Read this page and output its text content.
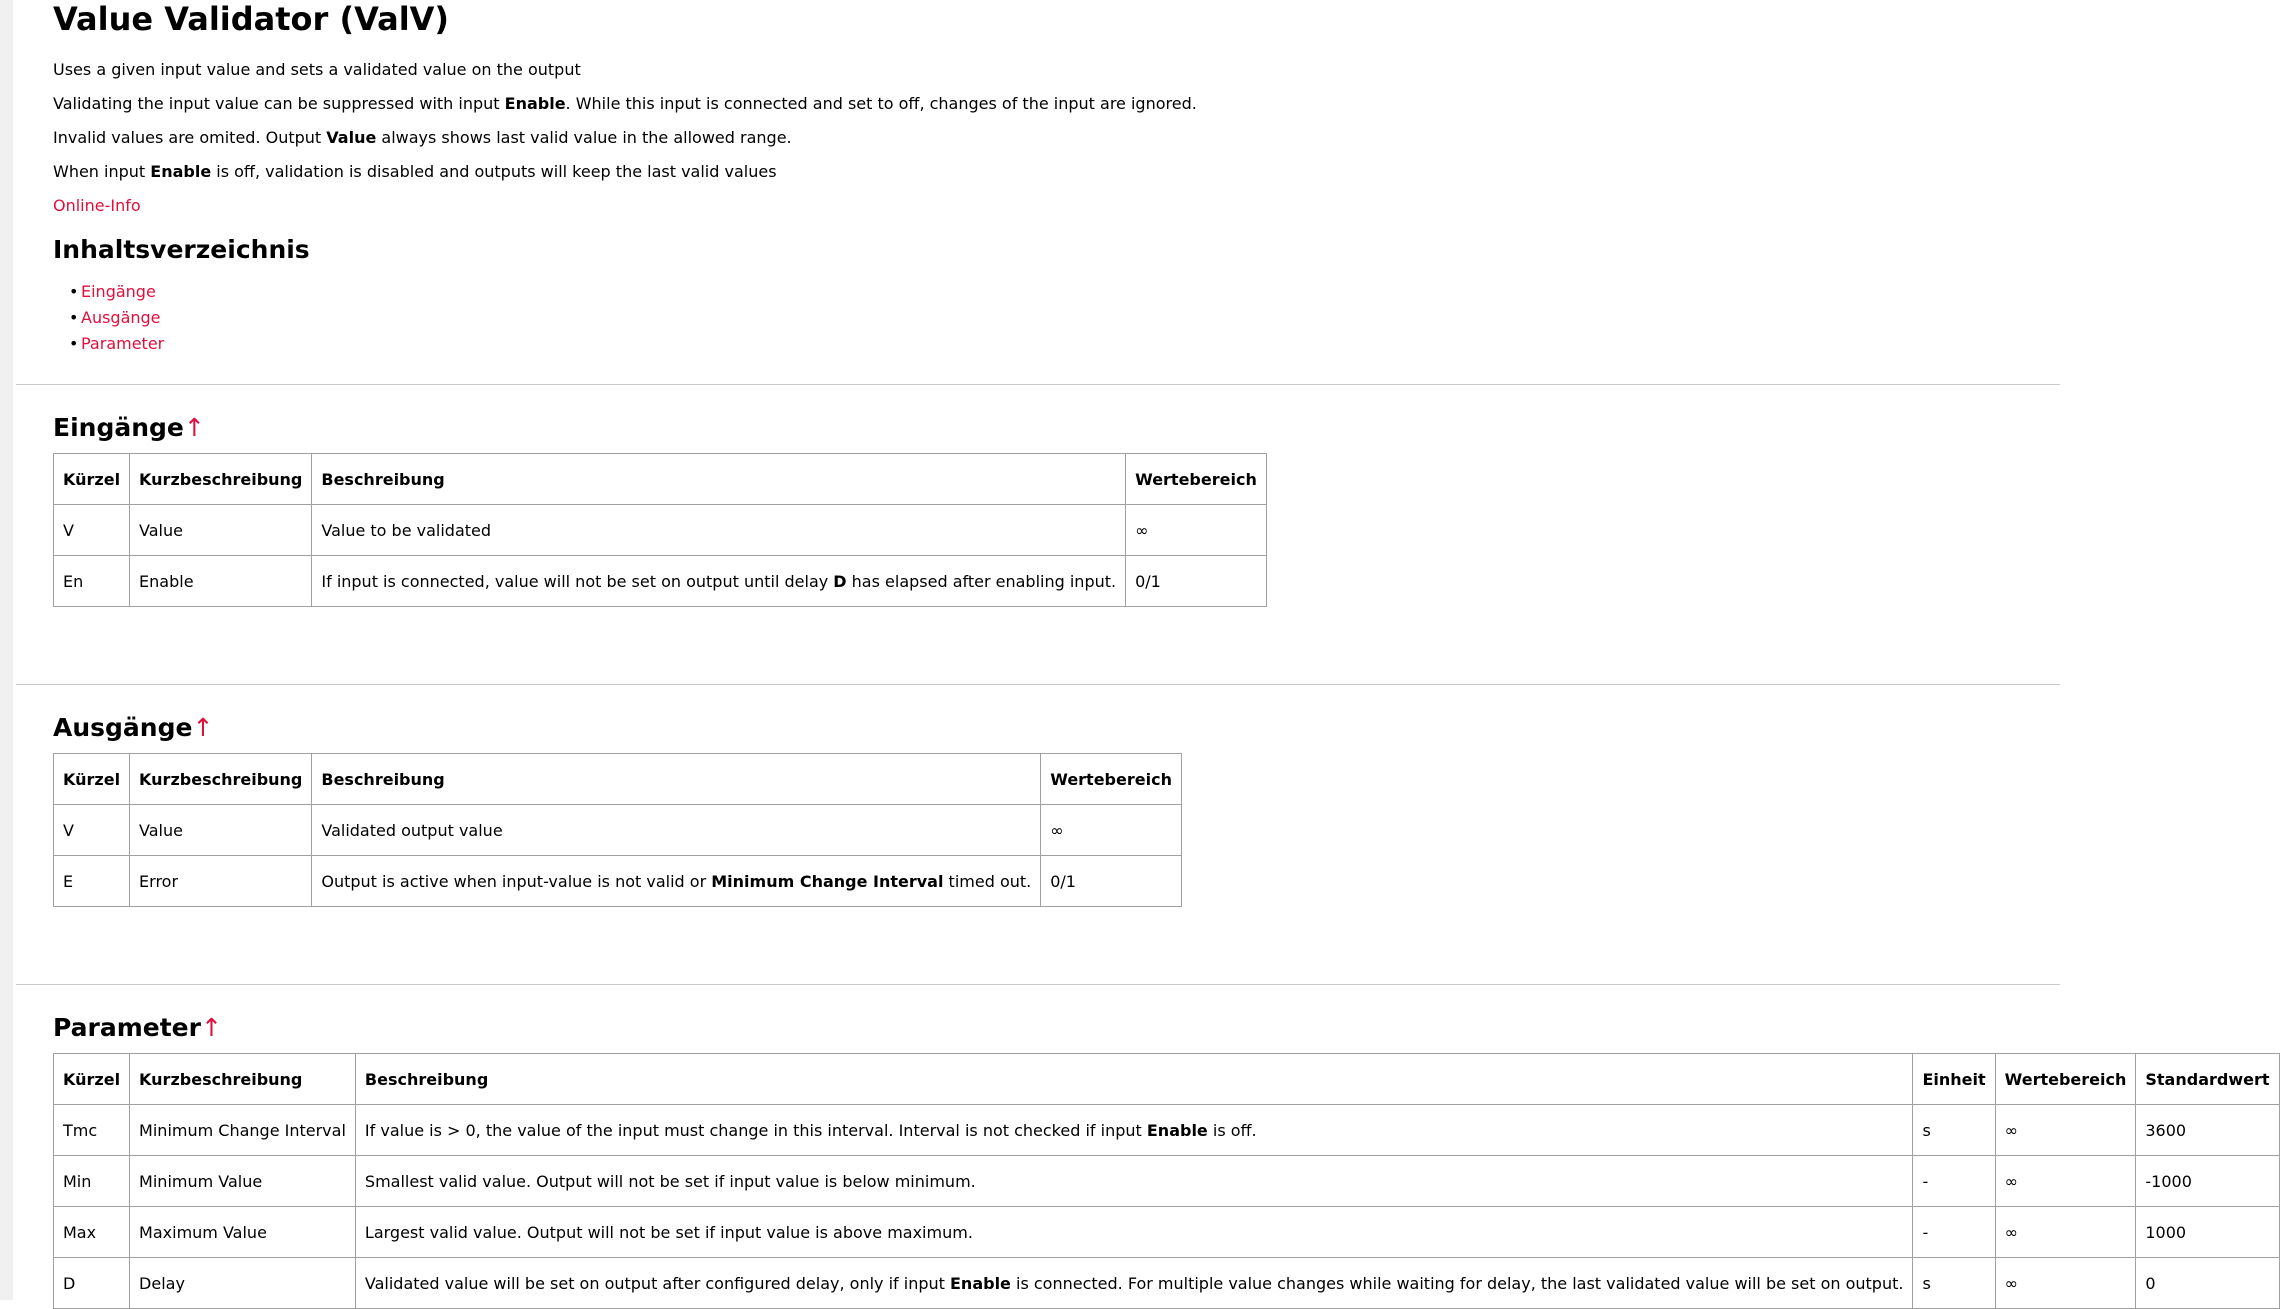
Value Validator (ValV)

Uses a given input value and sets a validated value on the output

Validating the input value can be suppressed with input Enable. While this input is connected and set to off, changes of the input are ignored.

Invalid values are omited. Output Value always shows last valid value in the allowed range.

When input Enable is off, validation is disabled and outputs will keep the last valid values

Online-Info
Inhaltsverzeichnis
• Eingänge
• Ausgänge
• Parameter
Eingänge↑
Kürzel	Kurzbeschreibung	Beschreibung	Wertebereich
V	Value	Value to be validated	∞
En	Enable	If input is connected, value will not be set on output until delay D has elapsed after enabling input.	0/1
Ausgänge↑
Kürzel	Kurzbeschreibung	Beschreibung	Wertebereich
V	Value	Validated output value	∞
E	Error	Output is active when input-value is not valid or Minimum Change Interval timed out.	0/1
Parameter↑
Kürzel	Kurzbeschreibung	Beschreibung	Einheit	Wertebereich	Standardwert
Tmc	Minimum Change Interval	If value is > 0, the value of the input must change in this interval. Interval is not checked if input Enable is off.	s	∞	3600
Min	Minimum Value	Smallest valid value. Output will not be set if input value is below minimum.	-	∞	-1000
Max	Maximum Value	Largest valid value. Output will not be set if input value is above maximum.	-	∞	1000
D	Delay	Validated value will be set on output after configured delay, only if input Enable is connected. For multiple value changes while waiting for delay, the last validated value will be set on output.	s	∞	0
